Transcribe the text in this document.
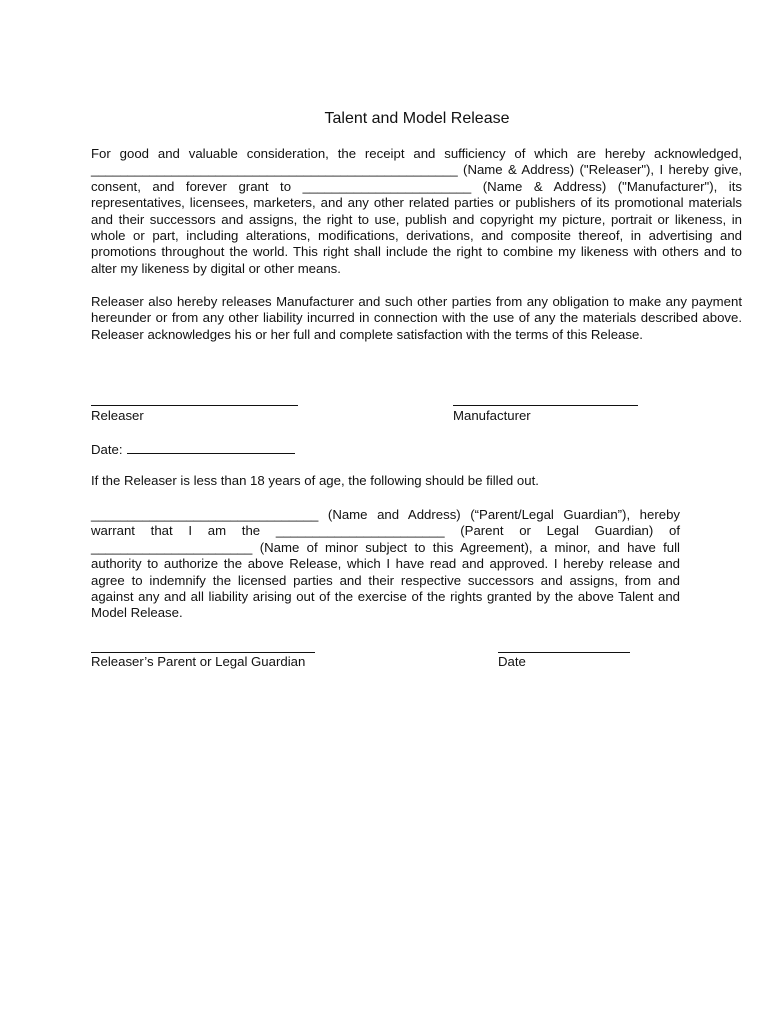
Talent and Model Release
For good and valuable consideration, the receipt and sufficiency of which are hereby acknowledged, __________________________________________________ (Name & Address) ("Releaser"), I hereby give, consent, and forever grant to _______________________ (Name & Address) ("Manufacturer"), its representatives, licensees, marketers, and any other related parties or publishers of its promotional materials and their successors and assigns, the right to use, publish and copyright my picture, portrait or likeness, in whole or part, including alterations, modifications, derivations, and composite thereof, in advertising and promotions throughout the world. This right shall include the right to combine my likeness with others and to alter my likeness by digital or other means.
Releaser also hereby releases Manufacturer and such other parties from any obligation to make any payment hereunder or from any other liability incurred in connection with the use of any the materials described above. Releaser acknowledges his or her full and complete satisfaction with the terms of this Release.
Releaser	Manufacturer
Date:
If the Releaser is less than 18 years of age, the following should be filled out.
_______________________________ (Name and Address) (“Parent/Legal Guardian”), hereby warrant that I am the _______________________ (Parent or Legal Guardian) of ______________________ (Name of minor subject to this Agreement), a minor, and have full authority to authorize the above Release, which I have read and approved. I hereby release and agree to indemnify the licensed parties and their respective successors and assigns, from and against any and all liability arising out of the exercise of the rights granted by the above Talent and Model Release.
Releaser’s Parent or Legal Guardian	Date
